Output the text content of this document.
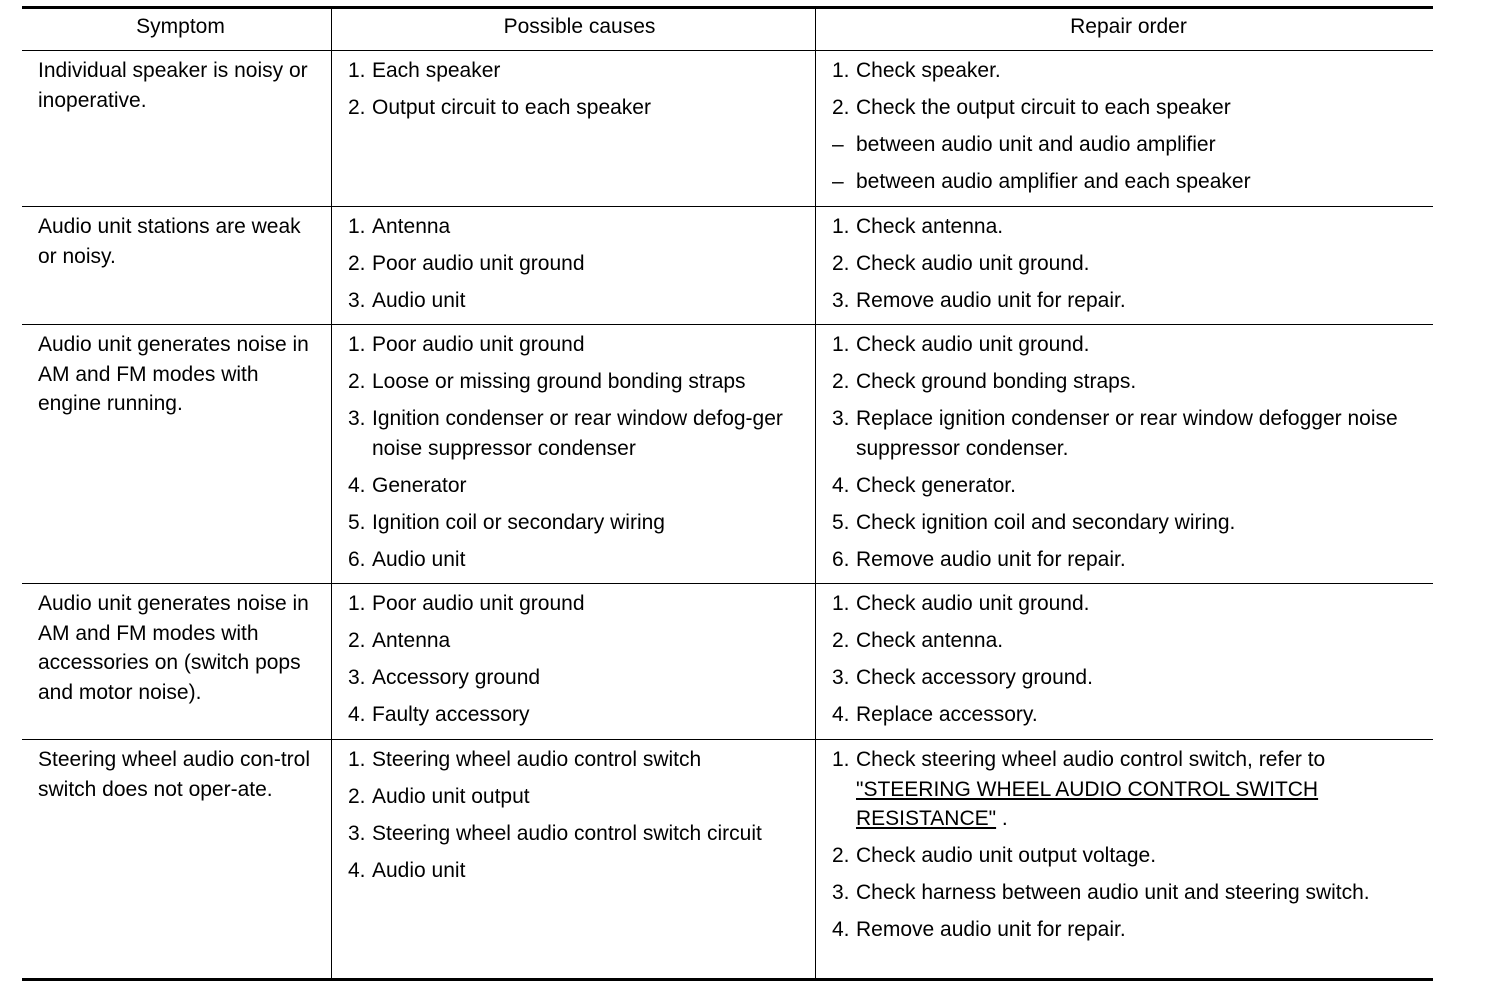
Symptom	Possible causes	Repair order
Individual speaker is noisy or inoperative.
1. Each speaker
2. Output circuit to each speaker
1. Check speaker.
2. Check the output circuit to each speaker
– between audio unit and audio amplifier
– between audio amplifier and each speaker
Audio unit stations are weak or noisy.
1. Antenna
2. Poor audio unit ground
3. Audio unit
1. Check antenna.
2. Check audio unit ground.
3. Remove audio unit for repair.
Audio unit generates noise in AM and FM modes with engine running.
1. Poor audio unit ground
2. Loose or missing ground bonding straps
3. Ignition condenser or rear window defog-ger noise suppressor condenser
4. Generator
5. Ignition coil or secondary wiring
6. Audio unit
1. Check audio unit ground.
2. Check ground bonding straps.
3. Replace ignition condenser or rear window defogger noise suppressor condenser.
4. Check generator.
5. Check ignition coil and secondary wiring.
6. Remove audio unit for repair.
Audio unit generates noise in AM and FM modes with accessories on (switch pops and motor noise).
1. Poor audio unit ground
2. Antenna
3. Accessory ground
4. Faulty accessory
1. Check audio unit ground.
2. Check antenna.
3. Check accessory ground.
4. Replace accessory.
Steering wheel audio con-trol switch does not oper-ate.
1. Steering wheel audio control switch
2. Audio unit output
3. Steering wheel audio control switch circuit
4. Audio unit
1. Check steering wheel audio control switch, refer to "STEERING WHEEL AUDIO CONTROL SWITCH RESISTANCE" .
2. Check audio unit output voltage.
3. Check harness between audio unit and steering switch.
4. Remove audio unit for repair.
